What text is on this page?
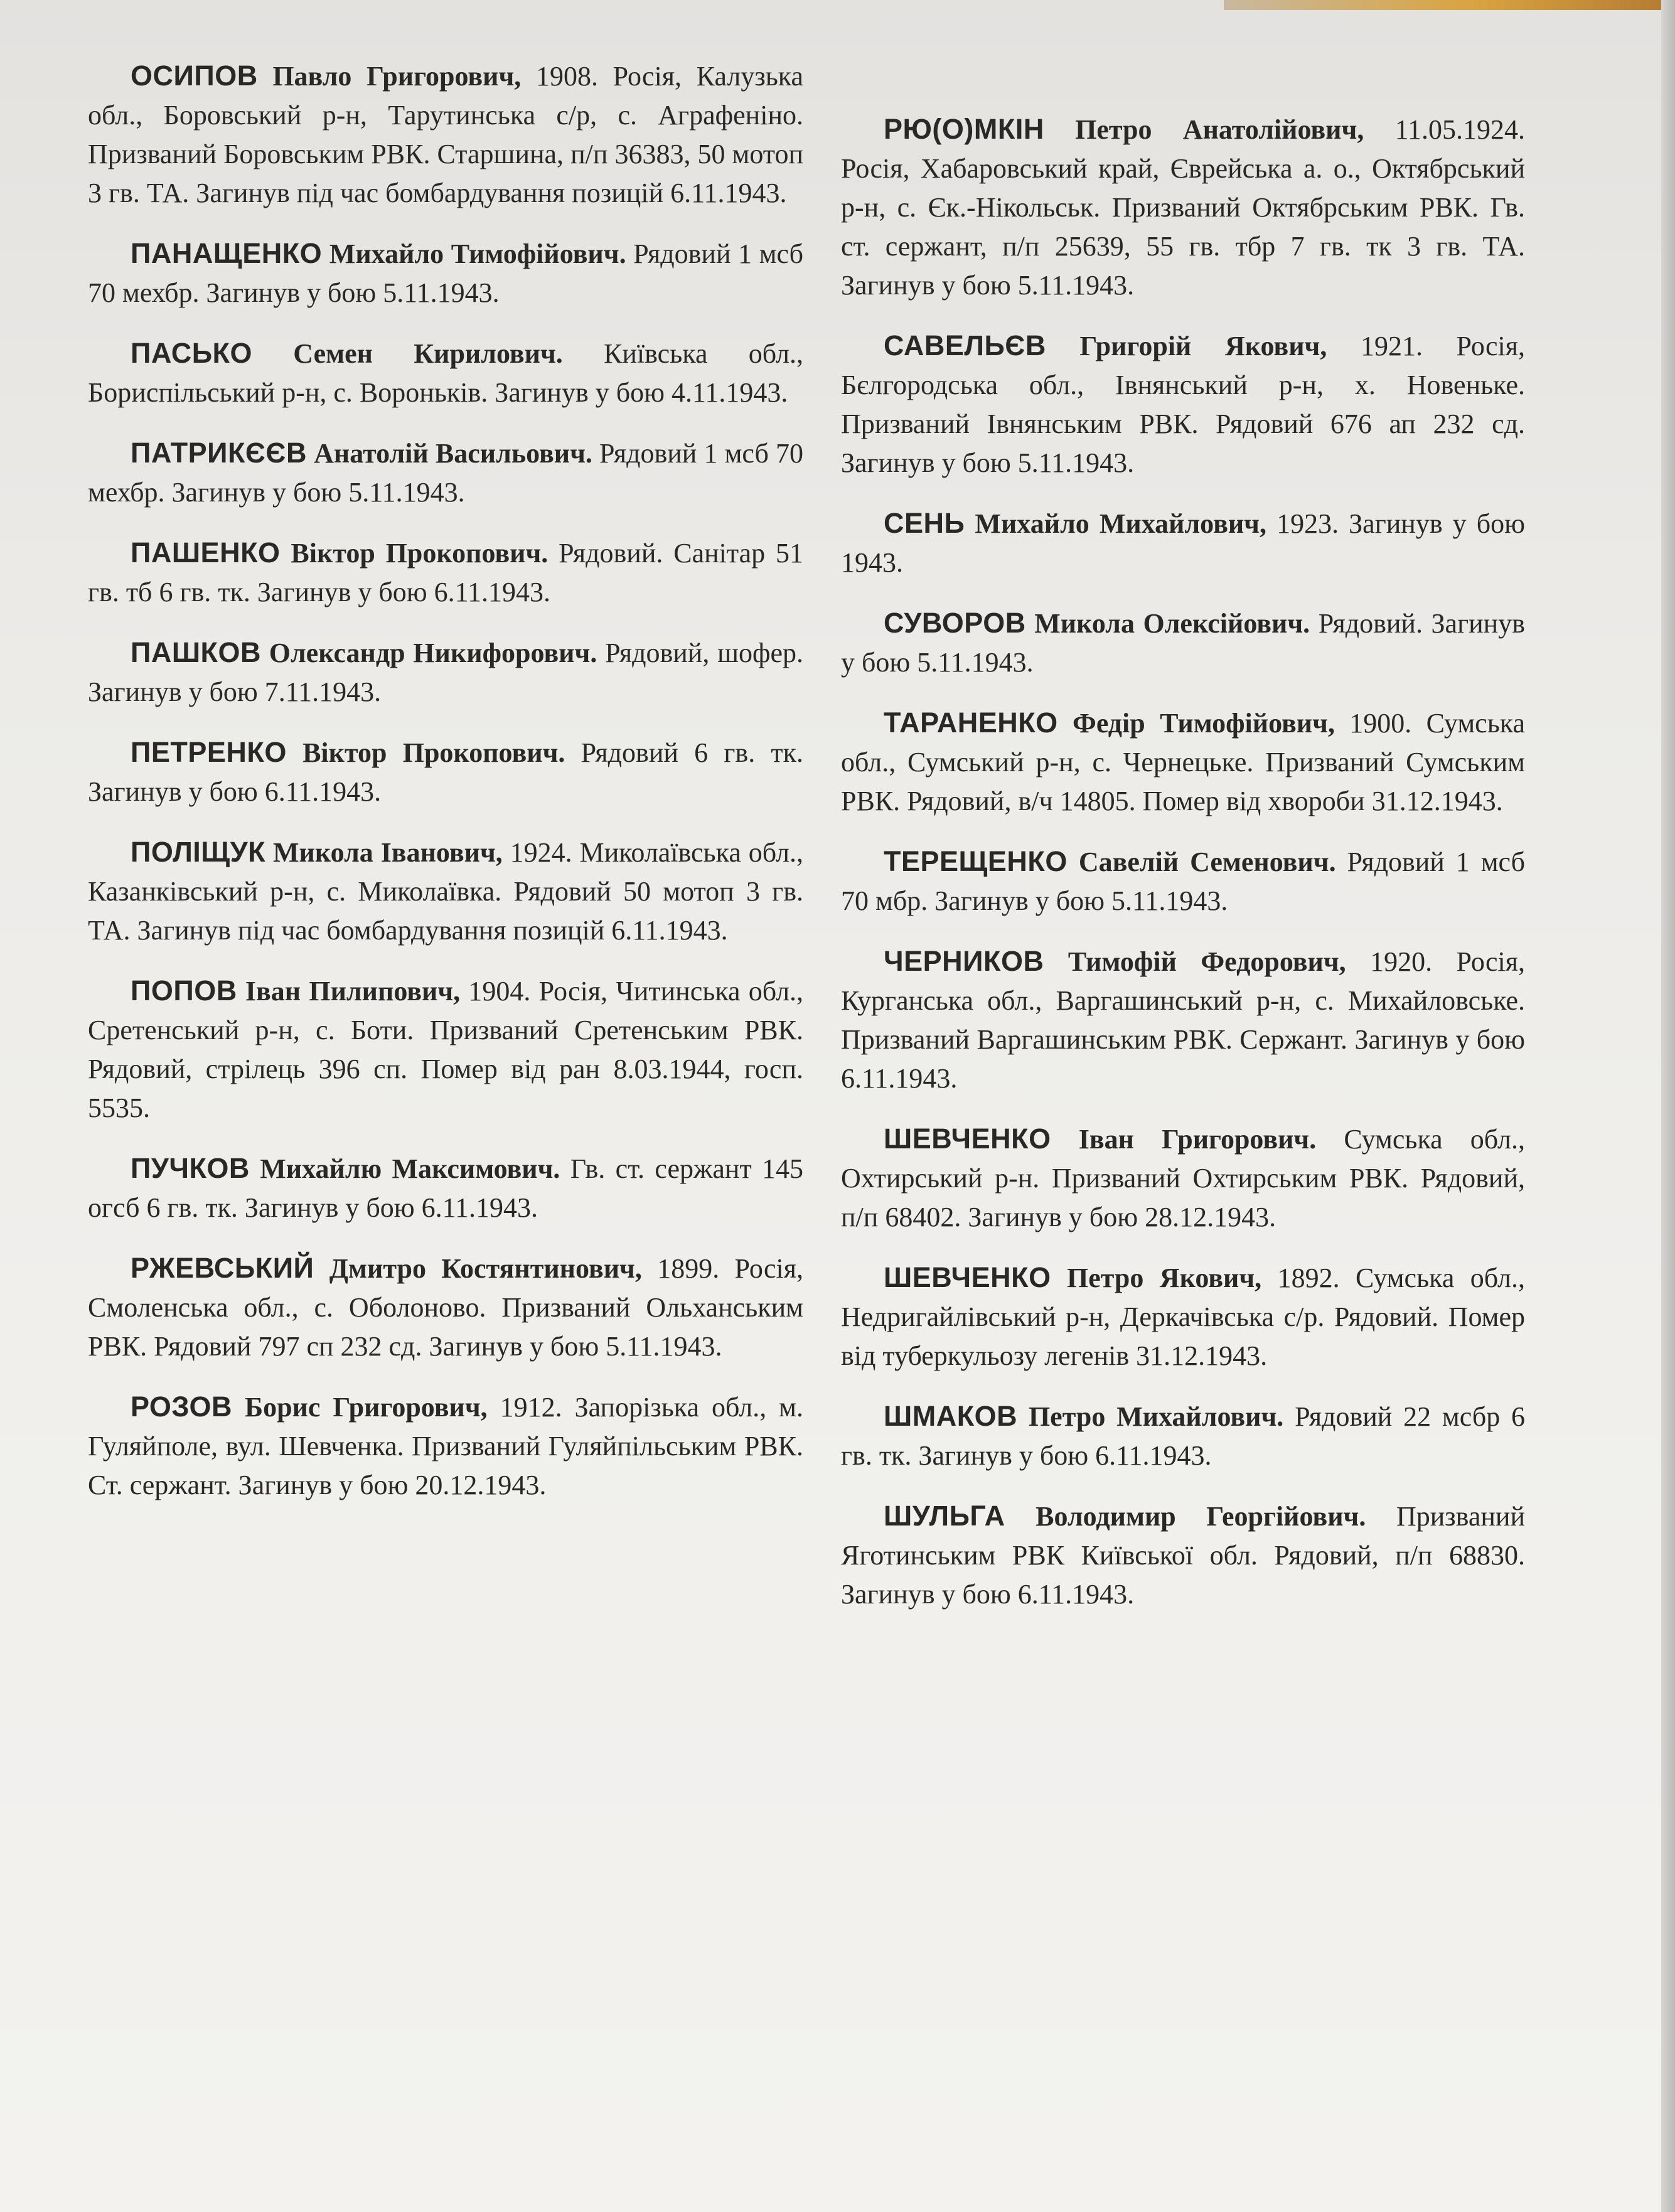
ОСИПОВ Павло Григорович, 1908. Росія, Калузька обл., Боровський р-н, Тарутинська с/р, с. Аграфеніно. Призваний Боровським РВК. Старшина, п/п 36383, 50 мотоп 3 гв. ТА. Загинув під час бомбардування позицій 6.11.1943.

ПАНАЩЕНКО Михайло Тимофійович. Рядовий 1 мсб 70 мехбр. Загинув у бою 5.11.1943.

ПАСЬКО Семен Кирилович. Київська обл., Бориспільський р-н, с. Вороньків. Загинув у бою 4.11.1943.

ПАТРИКЄЄВ Анатолій Васильович. Рядовий 1 мсб 70 мехбр. Загинув у бою 5.11.1943.

ПАШЕНКО Віктор Прокопович. Рядовий. Санітар 51 гв. тб 6 гв. тк. Загинув у бою 6.11.1943.

ПАШКОВ Олександр Никифорович. Рядовий, шофер. Загинув у бою 7.11.1943.

ПЕТРЕНКО Віктор Прокопович. Рядовий 6 гв. тк. Загинув у бою 6.11.1943.

ПОЛІЩУК Микола Іванович, 1924. Миколаївська обл., Казанківський р-н, с. Миколаївка. Рядовий 50 мотоп 3 гв. ТА. Загинув під час бомбардування позицій 6.11.1943.

ПОПОВ Іван Пилипович, 1904. Росія, Читинська обл., Сретенський р-н, с. Боти. Призваний Сретенським РВК. Рядовий, стрілець 396 сп. Помер від ран 8.03.1944, госп. 5535.

ПУЧКОВ Михайлю Максимович. Гв. ст. сержант 145 огсб 6 гв. тк. Загинув у бою 6.11.1943.

РЖЕВСЬКИЙ Дмитро Костянтинович, 1899. Росія, Смоленська обл., с. Оболоново. Призваний Ольханським РВК. Рядовий 797 сп 232 сд. Загинув у бою 5.11.1943.

РОЗОВ Борис Григорович, 1912. Запорізька обл., м. Гуляйполе, вул. Шевченка. Призваний Гуляйпільським РВК. Ст. сержант. Загинув у бою 20.12.1943.

РЮ(О)МКІН Петро Анатолійович, 11.05.1924. Росія, Хабаровський край, Єврейська а. о., Октябрський р-н, с. Єк.-Нікольськ. Призваний Октябрським РВК. Гв. ст. сержант, п/п 25639, 55 гв. тбр 7 гв. тк 3 гв. ТА. Загинув у бою 5.11.1943.

САВЕЛЬЄВ Григорій Якович, 1921. Росія, Бєлгородська обл., Івнянський р-н, х. Новеньке. Призваний Івнянським РВК. Рядовий 676 ап 232 сд. Загинув у бою 5.11.1943.

СЕНЬ Михайло Михайлович, 1923. Загинув у бою 1943.

СУВОРОВ Микола Олексійович. Рядовий. Загинув у бою 5.11.1943.

ТАРАНЕНКО Федір Тимофійович, 1900. Сумська обл., Сумський р-н, с. Чернецьке. Призваний Сумським РВК. Рядовий, в/ч 14805. Помер від хвороби 31.12.1943.

ТЕРЕЩЕНКО Савелій Семенович. Рядовий 1 мсб 70 мбр. Загинув у бою 5.11.1943.

ЧЕРНИКОВ Тимофій Федорович, 1920. Росія, Курганська обл., Варгашинський р-н, с. Михайловське. Призваний Варгашинським РВК. Сержант. Загинув у бою 6.11.1943.

ШЕВЧЕНКО Іван Григорович. Сумська обл., Охтирський р-н. Призваний Охтирським РВК. Рядовий, п/п 68402. Загинув у бою 28.12.1943.

ШЕВЧЕНКО Петро Якович, 1892. Сумська обл., Недригайлівський р-н, Деркачівська с/р. Рядовий. Помер від туберкульозу легенів 31.12.1943.

ШМАКОВ Петро Михайлович. Рядовий 22 мсбр 6 гв. тк. Загинув у бою 6.11.1943.

ШУЛЬГА Володимир Георгійович. Призваний Яготинським РВК Київської обл. Рядовий, п/п 68830. Загинув у бою 6.11.1943.
